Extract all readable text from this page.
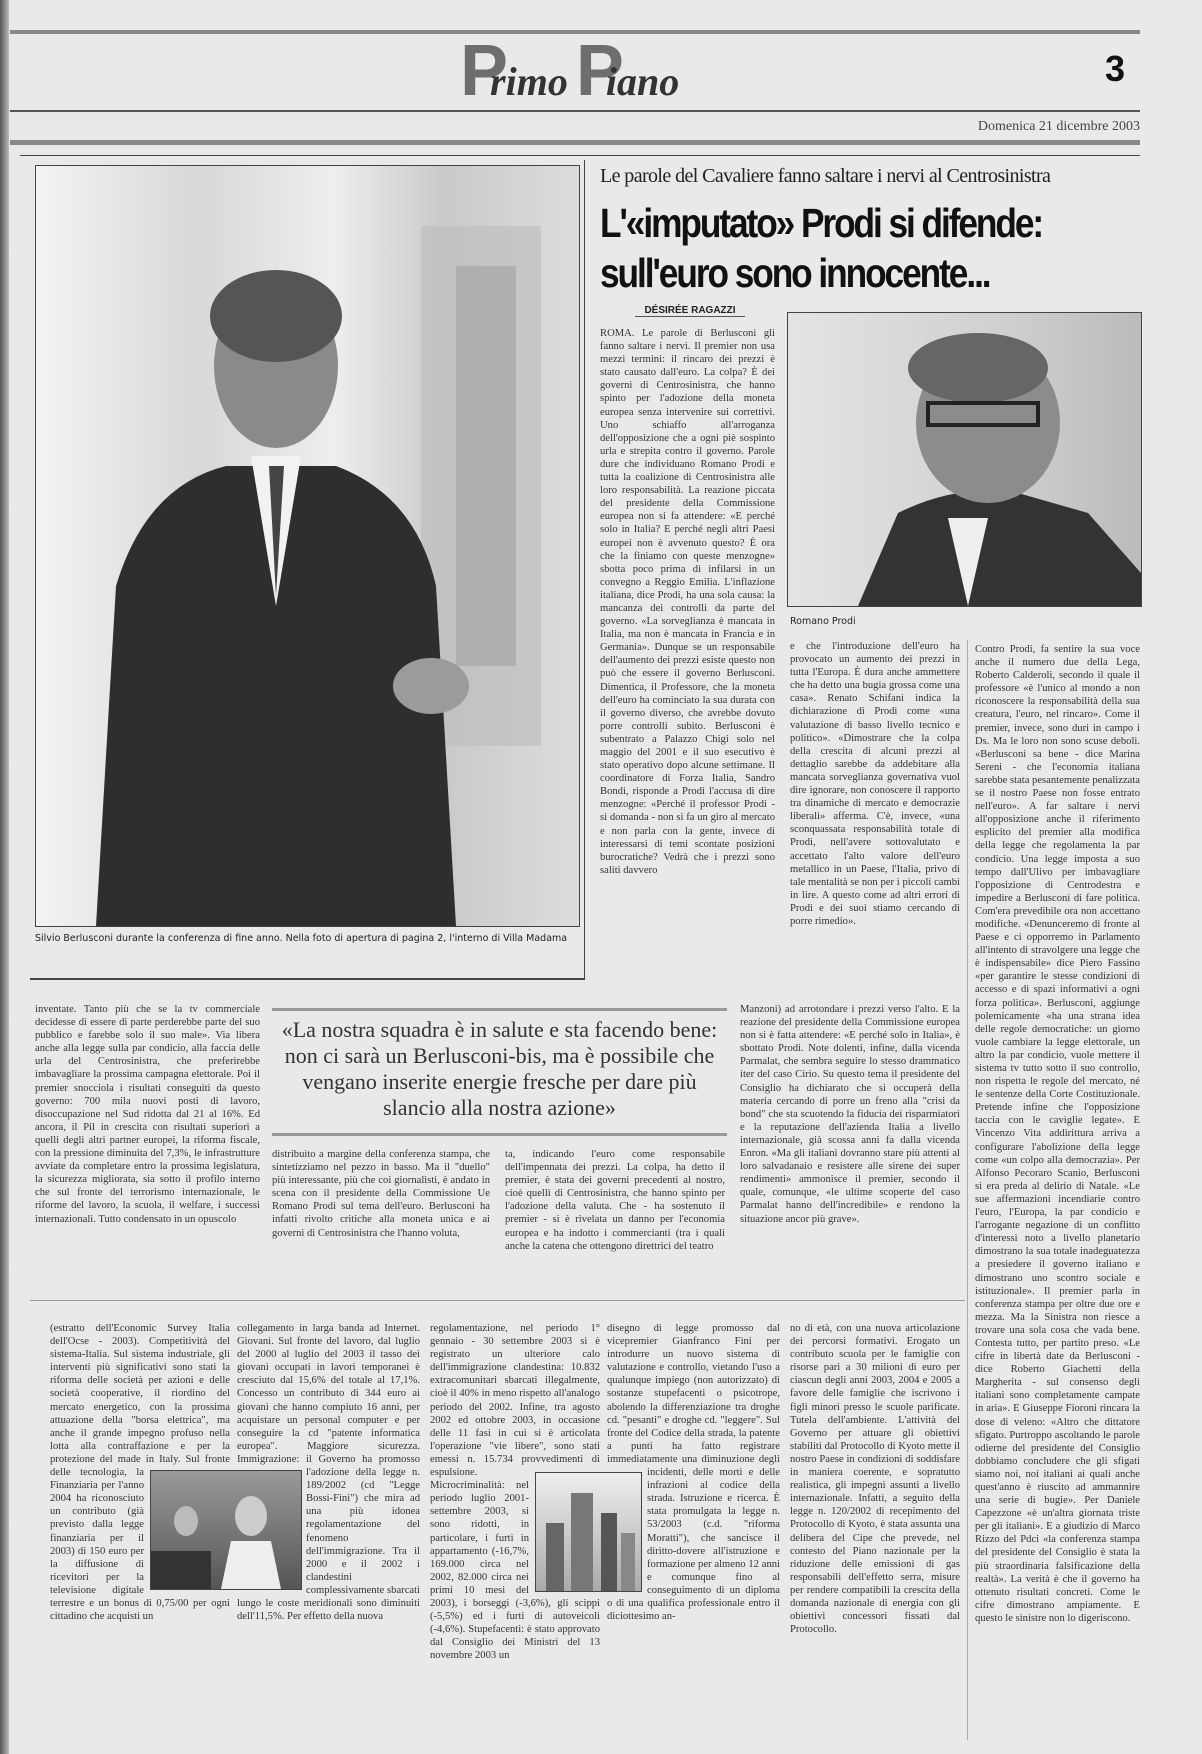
Primo Piano	3
Domenica 21 dicembre 2003
Silvio Berlusconi durante la conferenza di fine anno. Nella foto di apertura di pagina 2, l'interno di Villa Madama
Le parole del Cavaliere fanno saltare i nervi al Centrosinistra
L'«imputato» Prodi si difende:
sull'euro sono innocente...
DÉSIRÉE RAGAZZI
ROMA. Le parole di Berlusconi gli fanno saltare i nervi. Il premier non usa mezzi termini: il rincaro dei prezzi è stato causato dall'euro. La colpa? È dei governi di Centrosinistra, che hanno spinto per l'adozione della moneta europea senza intervenire sui correttivi. Uno schiaffo all'arroganza dell'opposizione che a ogni piè sospinto urla e strepita contro il governo. Parole dure che individuano Romano Prodi e tutta la coalizione di Centrosinistra alle loro responsabilità. La reazione piccata del presidente della Commissione europea non si fa attendere: «E perché solo in Italia? E perché negli altri Paesi europei non è avvenuto questo? È ora che la finiamo con queste menzogne» sbotta poco prima di infilarsi in un convegno a Reggio Emilia. L'inflazione italiana, dice Prodi, ha una sola causa: la mancanza dei controlli da parte del governo. «La sorveglianza è mancata in Italia, ma non è mancata in Francia e in Germania». Dunque se un responsabile dell'aumento dei prezzi esiste questo non può che essere il governo Berlusconi. Dimentica, il Professore, che la moneta dell'euro ha cominciato la sua durata con il governo diverso, che avrebbe dovuto porre controlli subito. Berlusconi è subentrato a Palazzo Chigi solo nel maggio del 2001 e il suo esecutivo è stato operativo dopo alcune settimane. Il coordinatore di Forza Italia, Sandro Bondi, risponde a Prodi l'accusa di dire menzogne: «Perché il professor Prodi - si domanda - non si fa un giro al mercato e non parla con la gente, invece di interessarsi di temi scontate posizioni burocratiche? Vedrà che i prezzi sono saliti davvero
Romano Prodi
e che l'introduzione dell'euro ha provocato un aumento dei prezzi in tutta l'Europa. È dura anche ammettere che ha detto una bugia grossa come una casa». Renato Schifani indica la dichiarazione di Prodi come «una valutazione di basso livello tecnico e politico». «Dimostrare che la colpa della crescita di alcuni prezzi al dettaglio sarebbe da addebitare alla mancata sorveglianza governativa vuol dire ignorare, non conoscere il rapporto tra dinamiche di mercato e democrazie liberali» afferma. C'è, invece, «una sconquassata responsabilità totale di Prodi, nell'avere sottovalutato e accettato l'alto valore dell'euro metallico in un Paese, l'Italia, privo di tale mentalità se non per i piccoli cambi in lire. A questo come ad altri errori di Prodi e dei suoi stiamo cercando di porre rimedio».
Contro Prodi, fa sentire la sua voce anche il numero due della Lega, Roberto Calderoli, secondo il quale il professore «è l'unico al mondo a non riconoscere la responsabilità della sua creatura, l'euro, nel rincaro». Come il premier, invece, sono duri in campo i Ds. Ma le loro non sono scuse deboli. «Berlusconi sa bene - dice Marina Sereni - che l'economia italiana sarebbe stata pesantemente penalizzata se il nostro Paese non fosse entrato nell'euro». A far saltare i nervi all'opposizione anche il riferimento esplicito del premier alla modifica della legge che regolamenta la par condicio. Una legge imposta a suo tempo dall'Ulivo per imbavagliare l'opposizione di Centrodestra e impedire a Berlusconi di fare politica. Com'era prevedibile ora non accettano modifiche. «Denunceremo di fronte al Paese e ci opporremo in Parlamento all'intento di stravolgere una legge che è indispensabile» dice Piero Fassino «per garantire le stesse condizioni di accesso e di spazi informativi a ogni forza politica». Berlusconi, aggiunge polemicamente «ha una strana idea delle regole democratiche: un giorno vuole cambiare la legge elettorale, un altro la par condicio, vuole mettere il sistema tv tutto sotto il suo controllo, non rispetta le regole del mercato, né le sentenze della Corte Costituzionale. Pretende infine che l'opposizione taccia con le caviglie legate». E Vincenzo Vita addirittura arriva a configurare l'abolizione della legge come «un colpo alla democrazia». Per Alfonso Pecoraro Scanio, Berlusconi si era preda al delirio di Natale. «Le sue affermazioni incendiarie contro l'euro, l'Europa, la par condicio e l'arrogante negazione di un conflitto d'interessi noto a livello planetario dimostrano la sua totale inadeguatezza a presiedere il governo italiano e dimostrano uno scontro sociale e istituzionale». Il premier parla in conferenza stampa per oltre due ore e mezza. Ma la Sinistra non riesce a trovare una sola cosa che vada bene. Contesta tutto, per partito preso. «Le cifre in libertà date da Berlusconi - dice Roberto Giachetti della Margherita - sul consenso degli italiani sono completamente campate in aria». E Giuseppe Fioroni rincara la dose di veleno: «Altro che dittatore sfigato. Purtroppo ascoltando le parole odierne del presidente del Consiglio dobbiamo concludere che gli sfigati siamo noi, noi italiani ai quali anche quest'anno è riuscito ad ammannire una serie di bugie». Per Daniele Capezzone «è un'altra giornata triste per gli italiani». E a giudizio di Marco Rizzo del Pdci «la conferenza stampa del presidente del Consiglio è stata la più straordinaria falsificazione della realtà». La verità è che il governo ha ottenuto risultati concreti. Come le cifre dimostrano ampiamente. E questo le sinistre non lo digeriscono.
inventate. Tanto più che se la tv commerciale decidesse di essere di parte perderebbe parte del suo pubblico e farebbe solo il suo male». Via libera anche alla legge sulla par condicio, alla faccia delle urla del Centrosinistra, che preferirebbe imbavagliare la prossima campagna elettorale. Poi il premier snocciola i risultati conseguiti da questo governo: 700 mila nuovi posti di lavoro, disoccupazione nel Sud ridotta dal 21 al 16%. Ed ancora, il Pil in crescita con risultati superiori a quelli degli altri partner europei, la riforma fiscale, con la pressione diminuita del 7,3%, le infrastrutture avviate da completare entro la prossima legislatura, la sicurezza migliorata, sia sotto il profilo interno che sul fronte del terrorismo internazionale, le riforme del lavoro, la scuola, il welfare, i successi internazionali. Tutto condensato in un opuscolo
«La nostra squadra è in salute e sta facendo bene: non ci sarà un Berlusconi-bis, ma è possibile che vengano inserite energie fresche per dare più slancio alla nostra azione»
distribuito a margine della conferenza stampa, che sintetizziamo nel pezzo in basso. Ma il "duello" più interessante, più che coi giornalisti, è andato in scena con il presidente della Commissione Ue Romano Prodi sul tema dell'euro. Berlusconi ha infatti rivolto critiche alla moneta unica e ai governi di Centrosinistra che l'hanno voluta,
ta, indicando l'euro come responsabile dell'impennata dei prezzi. La colpa, ha detto il premier, è stata dei governi precedenti al nostro, cioè quelli di Centrosinistra, che hanno spinto per l'adozione della valuta. Che - ha sostenuto il premier - si è rivelata un danno per l'economia europea e ha indotto i commercianti (tra i quali anche la catena che ottengono direttrici del teatro
Manzoni) ad arrotondare i prezzi verso l'alto. E la reazione del presidente della Commissione europea non si è fatta attendere: «E perché solo in Italia», è sbottato Prodi. Note dolenti, infine, dalla vicenda Parmalat, che sembra seguire lo stesso drammatico iter del caso Cirio. Su questo tema il presidente del Consiglio ha dichiarato che si occuperà della materia cercando di porre un freno alla "crisi da bond" che sta scuotendo la fiducia dei risparmiatori e la reputazione dell'azienda Italia a livello internazionale, già scossa anni fa dalla vicenda Enron. «Ma gli italiani dovranno stare più attenti al loro salvadanaio e resistere alle sirene dei super rendimenti» ammonisce il premier, secondo il quale, comunque, «le ultime scoperte del caso Parmalat hanno dell'incredibile» e rendono la situazione ancor più grave».
(estratto dell'Economic Survey Italia dell'Ocse - 2003). Competitività del sistema-Italia. Sul sistema industriale, gli interventi più significativi sono stati la riforma delle società per azioni e delle società cooperative, il riordino del mercato energetico, con la prossima attuazione della "borsa elettrica", ma anche il grande impegno profuso nella lotta alla contraffazione e per la protezione del made in Italy. Sul fronte delle tecnologia, la Finanziaria per l'anno 2004 ha riconosciuto un contributo (già previsto dalla legge finanziaria per il 2003) di 150 euro per la diffusione di ricevitori per la televisione digitale terrestre e un bonus di 0,75/00 per ogni cittadino che acquisti un
collegamento in larga banda ad Internet. Giovani. Sul fronte del lavoro, dal luglio del 2000 al luglio del 2003 il tasso dei giovani occupati in lavori temporanei è cresciuto dal 15,6% del totale al 17,1%. Concesso un contributo di 344 euro ai giovani che hanno compiuto 16 anni, per acquistare un personal computer e per conseguire la cd "patente informatica europea". Maggiore sicurezza. Immigrazione: il Governo ha promosso l'adozione della legge n. 189/2002 (cd "Legge Bossi-Fini") che mira ad una più idonea regolamentazione del fenomeno dell'immigrazione. Tra il 2000 e il 2002 i clandestini complessivamente sbarcati lungo le coste meridionali sono diminuiti dell'11,5%. Per effetto della nuova
regolamentazione, nel periodo 1° gennaio - 30 settembre 2003 si è registrato un ulteriore calo dell'immigrazione clandestina: 10.832 extracomunitari sbarcati illegalmente, cioè il 40% in meno rispetto all'analogo periodo del 2002. Infine, tra agosto 2002 ed ottobre 2003, in occasione delle 11 fasi in cui si è articolata l'operazione "vie libere", sono stati emessi n. 15.734 provvedimenti di espulsione. Microcriminalità: nel periodo luglio 2001-settembre 2003, si sono ridotti, in particolare, i furti in appartamento (-16,7%, 169.000 circa nel 2002, 82.000 circa nei primi 10 mesi del 2003), i borseggi (-3,6%), gli scippi (-5,5%) ed i furti di autoveicoli (-4,6%). Stupefacenti: è stato approvato dal Consiglio dei Ministri del 13 novembre 2003 un
disegno di legge promosso dal vicepremier Gianfranco Fini per introdurre un nuovo sistema di valutazione e controllo, vietando l'uso a qualunque impiego (non autorizzato) di sostanze stupefacenti o psicotrope, abolendo la differenziazione tra droghe cd. "pesanti" e droghe cd. "leggere". Sul fronte del Codice della strada, la patente a punti ha fatto registrare immediatamente una diminuzione degli incidenti, delle morti e delle infrazioni al codice della strada. Istruzione e ricerca. È stata promulgata la legge n. 53/2003 (c.d. "riforma Moratti"), che sancisce il diritto-dovere all'istruzione e formazione per almeno 12 anni e comunque fino al conseguimento di un diploma o di una qualifica professionale entro il diciottesimo an-
no di età, con una nuova articolazione dei percorsi formativi. Erogato un contributo scuola per le famiglie con risorse pari a 30 milioni di euro per ciascun degli anni 2003, 2004 e 2005 a favore delle famiglie che iscrivono i figli minori presso le scuole parificate. Tutela dell'ambiente. L'attività del Governo per attuare gli obiettivi stabiliti dal Protocollo di Kyoto mette il nostro Paese in condizioni di soddisfare in maniera coerente, e sopratutto realistica, gli impegni assunti a livello internazionale. Infatti, a seguito della legge n. 120/2002 di recepimento del Protocollo di Kyoto, è stata assunta una delibera del Cipe che prevede, nel contesto del Piano nazionale per la riduzione delle emissioni di gas responsabili dell'effetto serra, misure per rendere compatibili la crescita della domanda nazionale di energia con gli obiettivi concessori fissati dal Protocollo.
